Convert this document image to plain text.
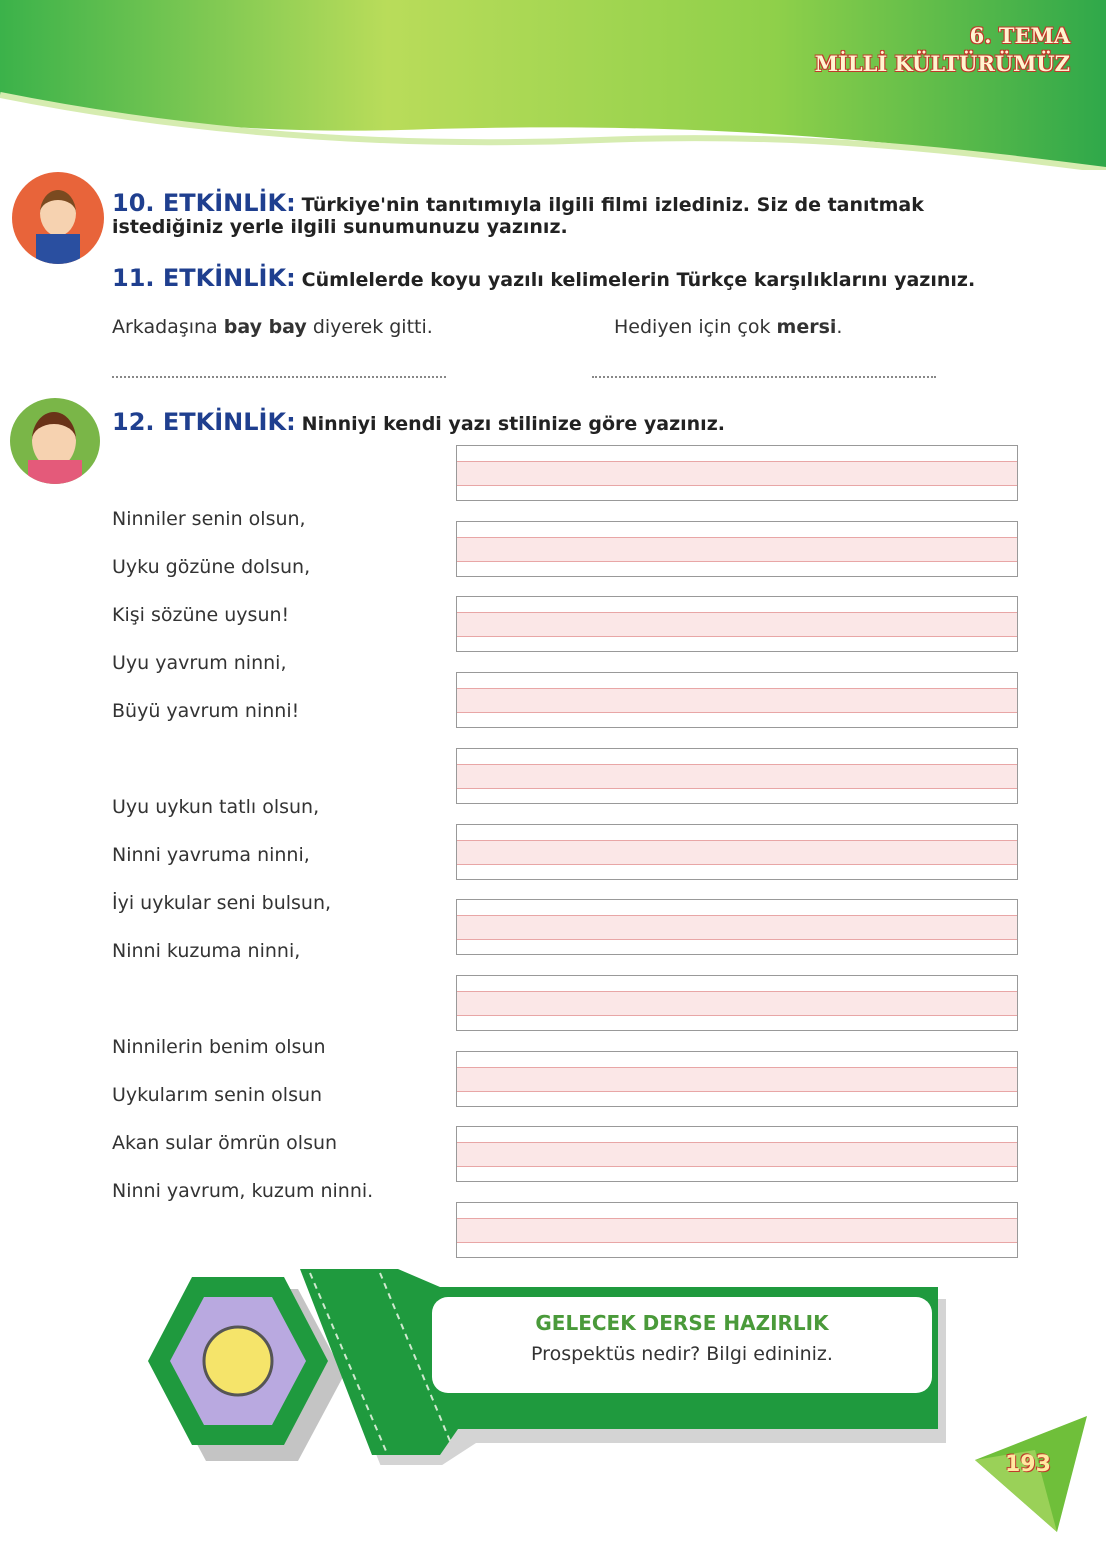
6. TEMA
MİLLİ KÜLTÜRÜMÜZ
10. ETKİNLİK: Türkiye'nin tanıtımıyla ilgili filmi izlediniz. Siz de tanıtmak istediğiniz yerle ilgili sunumunuzu yazınız.
11. ETKİNLİK: Cümlelerde koyu yazılı kelimelerin Türkçe karşılıklarını yazınız.
Arkadaşına bay bay diyerek gitti.	Hediyen için çok mersi.
12. ETKİNLİK: Ninniyi kendi yazı stilinize göre yazınız.
Ninniler senin olsun,
Uyku gözüne dolsun,
Kişi sözüne uysun!
Uyu yavrum ninni,
Büyü yavrum ninni!
Uyu uykun tatlı olsun,
Ninni yavruma ninni,
İyi uykular seni bulsun,
Ninni kuzuma ninni,
Ninnilerin benim olsun
Uykularım senin olsun
Akan sular ömrün olsun
Ninni yavrum, kuzum ninni.
GELECEK DERSE HAZIRLIK
Prospektüs nedir? Bilgi edininiz.
193
